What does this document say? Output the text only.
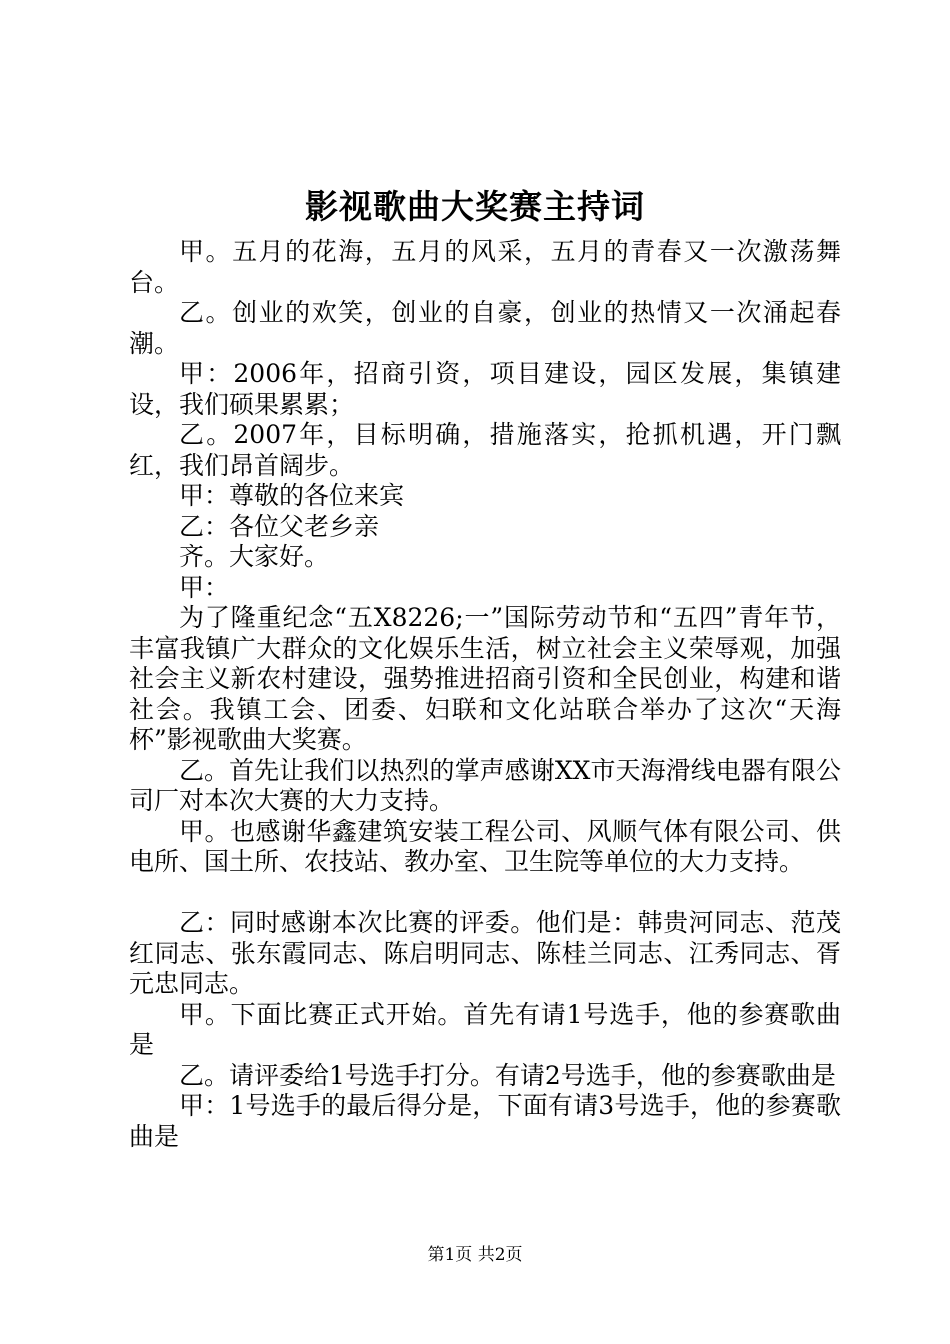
影视歌曲大奖赛主持词

甲。五月的花海，五月的风采，五月的青春又一次激荡舞台。

乙。创业的欢笑，创业的自豪，创业的热情又一次涌起春潮。

甲：2006年，招商引资，项目建设，园区发展，集镇建设，我们硕果累累；

乙。2007年，目标明确，措施落实，抢抓机遇，开门飘红，我们昂首阔步。

甲：尊敬的各位来宾

乙：各位父老乡亲

齐。大家好。

甲：

为了隆重纪念“五X8226;一”国际劳动节和“五四”青年节，丰富我镇广大群众的文化娱乐生活，树立社会主义荣辱观，加强社会主义新农村建设，强势推进招商引资和全民创业，构建和谐社会。我镇工会、团委、妇联和文化站联合举办了这次“天海杯”影视歌曲大奖赛。

乙。首先让我们以热烈的掌声感谢XX市天海滑线电器有限公司厂对本次大赛的大力支持。

甲。也感谢华鑫建筑安装工程公司、风顺气体有限公司、供电所、国土所、农技站、教办室、卫生院等单位的大力支持。

乙：同时感谢本次比赛的评委。他们是：韩贵河同志、范茂红同志、张东霞同志、陈启明同志、陈桂兰同志、江秀同志、胥元忠同志。

甲。下面比赛正式开始。首先有请1号选手，他的参赛歌曲是

乙。请评委给1号选手打分。有请2号选手，他的参赛歌曲是

甲：1号选手的最后得分是，下面有请3号选手，他的参赛歌曲是

第1页 共2页
